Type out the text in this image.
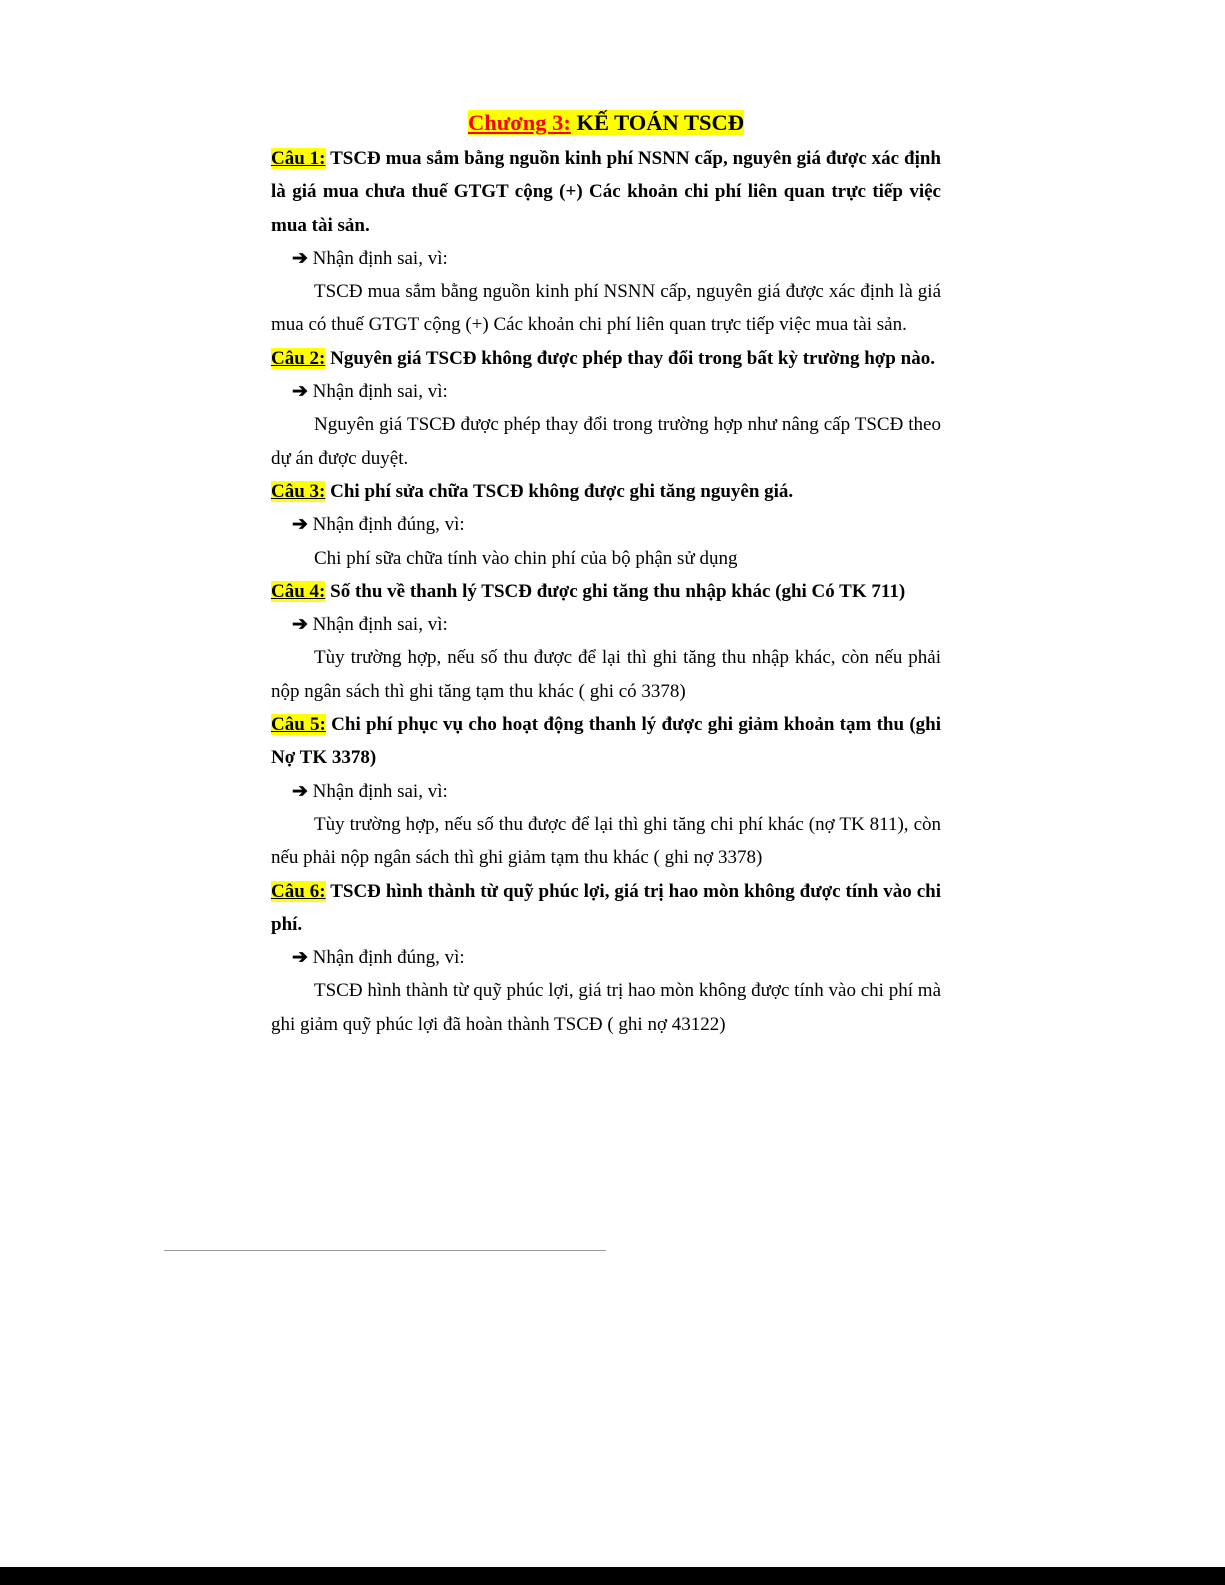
Chương 3: KẾ TOÁN TSCĐ
Câu 1: TSCĐ mua sắm bằng nguồn kinh phí NSNN cấp, nguyên giá được xác định là giá mua chưa thuế GTGT cộng (+) Các khoản chi phí liên quan trực tiếp việc mua tài sản.
➔ Nhận định sai, vì:
TSCĐ mua sắm bằng nguồn kinh phí NSNN cấp, nguyên giá được xác định là giá mua có thuế GTGT cộng (+) Các khoản chi phí liên quan trực tiếp việc mua tài sản.
Câu 2: Nguyên giá TSCĐ không được phép thay đổi trong bất kỳ trường hợp nào.
➔ Nhận định sai, vì:
Nguyên giá TSCĐ được phép thay đổi trong trường hợp như nâng cấp TSCĐ theo dự án được duyệt.
Câu 3: Chi phí sửa chữa TSCĐ không được ghi tăng nguyên giá.
➔ Nhận định đúng, vì:
Chi phí sữa chữa tính vào chin phí của bộ phận sử dụng
Câu 4: Số thu về thanh lý TSCĐ được ghi tăng thu nhập khác (ghi Có TK 711)
➔ Nhận định sai, vì:
Tùy trường hợp, nếu số thu được để lại thì ghi tăng thu nhập khác, còn nếu phải nộp ngân sách thì ghi tăng tạm thu khác ( ghi có 3378)
Câu 5: Chi phí phục vụ cho hoạt động thanh lý được ghi giảm khoản tạm thu (ghi Nợ TK 3378)
➔ Nhận định sai, vì:
Tùy trường hợp, nếu số thu được để lại thì ghi tăng chi phí khác (nợ TK 811), còn nếu phải nộp ngân sách thì ghi giảm tạm thu khác ( ghi nợ 3378)
Câu 6: TSCĐ hình thành từ quỹ phúc lợi, giá trị hao mòn không được tính vào chi phí.
➔ Nhận định đúng, vì:
TSCĐ hình thành từ quỹ phúc lợi, giá trị hao mòn không được tính vào chi phí mà ghi giảm quỹ phúc lợi đã hoàn thành TSCĐ ( ghi nợ 43122)
